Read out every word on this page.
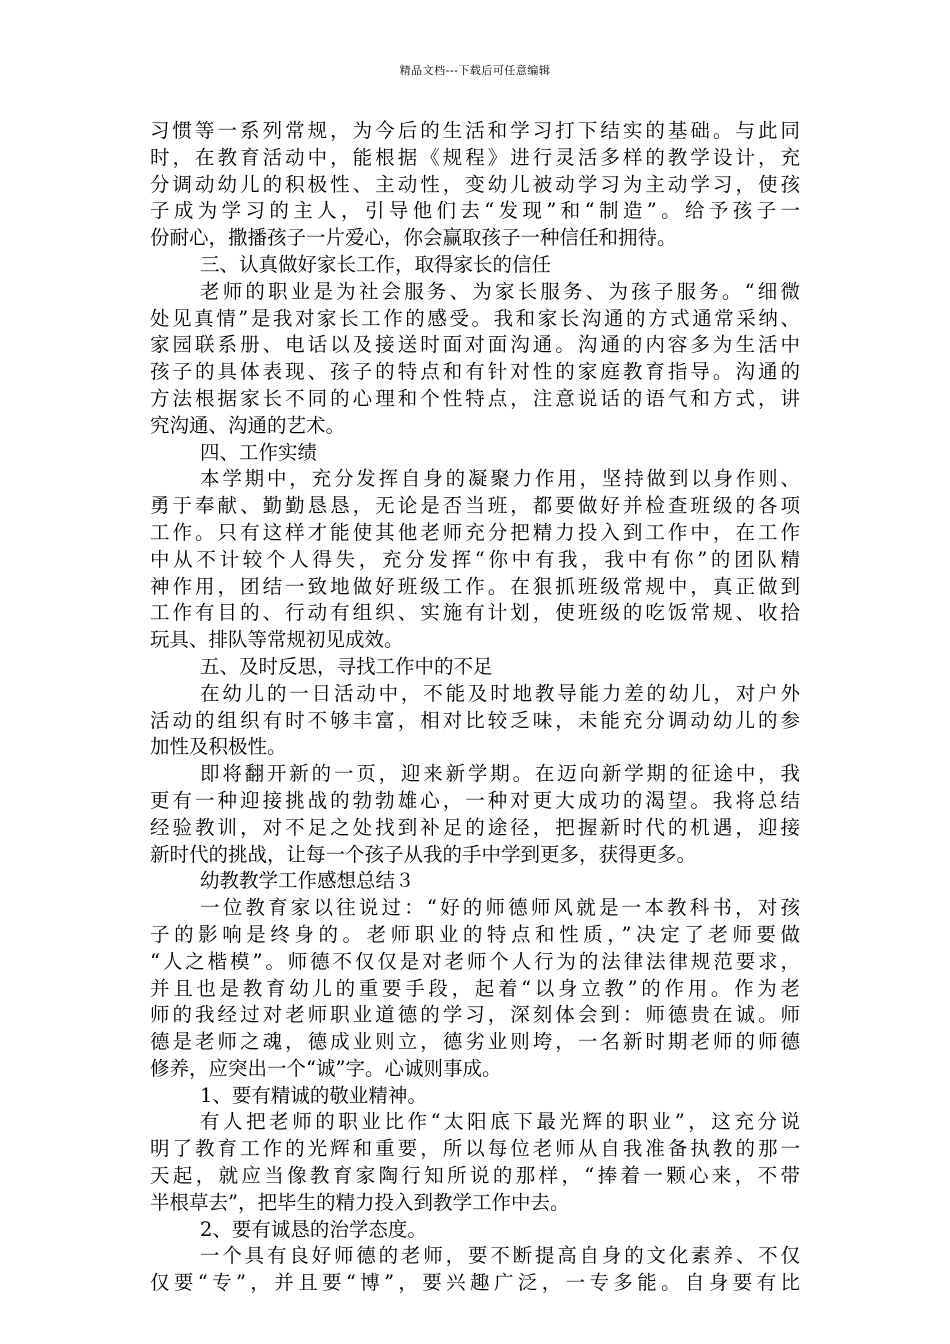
精品文档---下载后可任意编辑
习惯等一系列常规，为今后的生活和学习打下结实的基础。与此同
时，在教育活动中，能根据《规程》进行灵活多样的教学设计，充
分调动幼儿的积极性、主动性，变幼儿被动学习为主动学习，使孩
子成为学习的主人，引导他们去“发现”和“制造”。给予孩子一
份耐心，撒播孩子一片爱心，你会赢取孩子一种信任和拥待。
三、认真做好家长工作，取得家长的信任
老师的职业是为社会服务、为家长服务、为孩子服务。“细微
处见真情”是我对家长工作的感受。我和家长沟通的方式通常采纳、
家园联系册、电话以及接送时面对面沟通。沟通的内容多为生活中
孩子的具体表现、孩子的特点和有针对性的家庭教育指导。沟通的
方法根据家长不同的心理和个性特点，注意说话的语气和方式，讲
究沟通、沟通的艺术。
四、工作实绩
本学期中，充分发挥自身的凝聚力作用，坚持做到以身作则、
勇于奉献、勤勤恳恳，无论是否当班，都要做好并检查班级的各项
工作。只有这样才能使其他老师充分把精力投入到工作中，在工作
中从不计较个人得失，充分发挥“你中有我，我中有你”的团队精
神作用，团结一致地做好班级工作。在狠抓班级常规中，真正做到
工作有目的、行动有组织、实施有计划，使班级的吃饭常规、收拾
玩具、排队等常规初见成效。
五、及时反思，寻找工作中的不足
在幼儿的一日活动中，不能及时地教导能力差的幼儿，对户外
活动的组织有时不够丰富，相对比较乏味，未能充分调动幼儿的参
加性及积极性。
即将翻开新的一页，迎来新学期。在迈向新学期的征途中，我
更有一种迎接挑战的勃勃雄心，一种对更大成功的渴望。我将总结
经验教训，对不足之处找到补足的途径，把握新时代的机遇，迎接
新时代的挑战，让每一个孩子从我的手中学到更多，获得更多。
幼教教学工作感想总结３
一位教育家以往说过：“好的师德师风就是一本教科书，对孩
子的影响是终身的。老师职业的特点和性质，”决定了老师要做
“人之楷模”。师德不仅仅是对老师个人行为的法律法律规范要求，
并且也是教育幼儿的重要手段，起着“以身立教”的作用。作为老
师的我经过对老师职业道德的学习，深刻体会到：师德贵在诚。师
德是老师之魂，德成业则立，德劣业则垮，一名新时期老师的师德
修养，应突出一个“诚”字。心诚则事成。
1、要有精诚的敬业精神。
有人把老师的职业比作“太阳底下最光辉的职业”，这充分说
明了教育工作的光辉和重要，所以每位老师从自我准备执教的那一
天起，就应当像教育家陶行知所说的那样，“捧着一颗心来，不带
半根草去”，把毕生的精力投入到教学工作中去。
2、要有诚恳的治学态度。
一个具有良好师德的老师，要不断提高自身的文化素养、不仅
仅要“专”，并且要“博”，要兴趣广泛，一专多能。自身要有比
